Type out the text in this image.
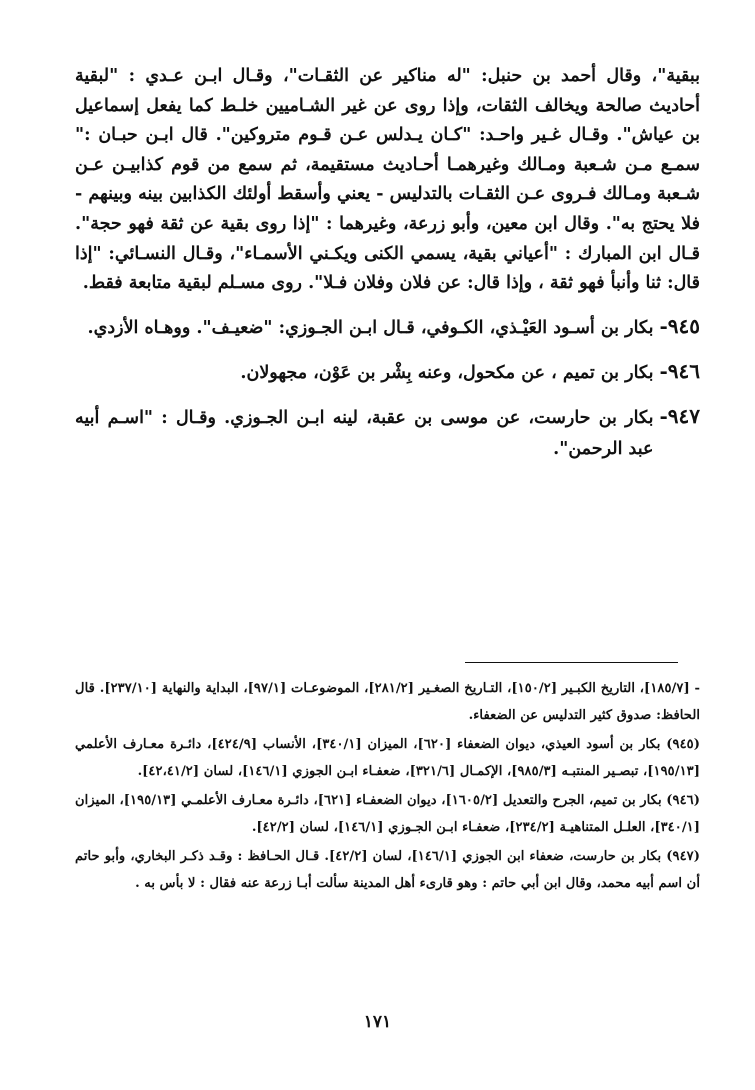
ببقية"، وقال أحمد بن حنبل: "له مناكير عن الثقـات"، وقـال ابـن عـدي : "لبقية أحاديث صالحة ويخالف الثقات، وإذا روى عن غير الشـاميين خلـط كما يفعل إسماعيل بن عياش". وقـال غـير واحـد: "كـان يـدلس عـن قـوم متروكين". قال ابـن حبـان :" سمـع مـن شـعبة ومـالك وغيرهمـا أحـاديث مستقيمة، ثم سمع من قوم كذابيـن عـن شـعبة ومـالك فـروى عـن الثقـات بالتدليس - يعني وأسقط أولئك الكذابين بينه وبينهم - فلا يحتج به". وقال ابن معين، وأبو زرعة، وغيرهما : "إذا روى بقية عن ثقة فهو حجة". قـال ابن المبارك : "أعياني بقية، يسمي الكنى ويكـني الأسمـاء"، وقـال النسـائي: "إذا قال: ثنا وأنبأ فهو ثقة ، وإذا قال: عن فلان وفلان فـلا". روى مسـلم لبقية متابعة فقط.

٩٤٥-
بكار بن أسـود العَيْـذي، الكـوفي، قـال ابـن الجـوزي: "ضعيـف". ووهـاه الأزدي.
٩٤٦-
بكار بن تميم ، عن مكحول، وعنه بِشْر بن عَوْن، مجهولان.
٩٤٧-
بكار بن حارست، عن موسى بن عقبة، لينه ابـن الجـوزي. وقـال : "اسـم أبيه عبد الرحمن".

- [١٨٥/٧]، التاريخ الكبـير [١٥٠/٢]، التـاريخ الصغـير [٢٨١/٢]، الموضوعـات [٩٧/١]، البداية والنهاية [٢٣٧/١٠]. قال الحافظ: صدوق كثير التدليس عن الضعفاء.

(٩٤٥) بكار بن أسود العيذي، ديوان الضعفاء [٦٢٠]، الميزان [٣٤٠/١]، الأنساب [٤٢٤/٩]، دائـرة معـارف الأعلمي [١٩٥/١٣]، تبصـير المنتبـه [٩٨٥/٣]، الإكمـال [٣٢١/٦]، ضعفـاء ابـن الجوزي [١٤٦/١]، لسان [٤٢،٤١/٢].

(٩٤٦) بكار بن تميم، الجرح والتعديل [١٦٠٥/٢]، ديوان الضعفـاء [٦٢١]، دائـرة معـارف الأعلمـي [١٩٥/١٣]، الميزان [٣٤٠/١]، العلـل المتناهيـة [٢٣٤/٢]، ضعفـاء ابـن الجـوزي [١٤٦/١]، لسان [٤٢/٢].

(٩٤٧) بكار بن حارست، ضعفاء ابن الجوزي [١٤٦/١]، لسان [٤٢/٢]. قـال الحـافظ : وقـد ذكـر البخاري، وأبو حاتم أن اسم أبيه محمد، وقال ابن أبي حاتم : وهو قارىء أهل المدينة سألت أبـا زرعة عنه فقال : لا بأس به .

١٧١
